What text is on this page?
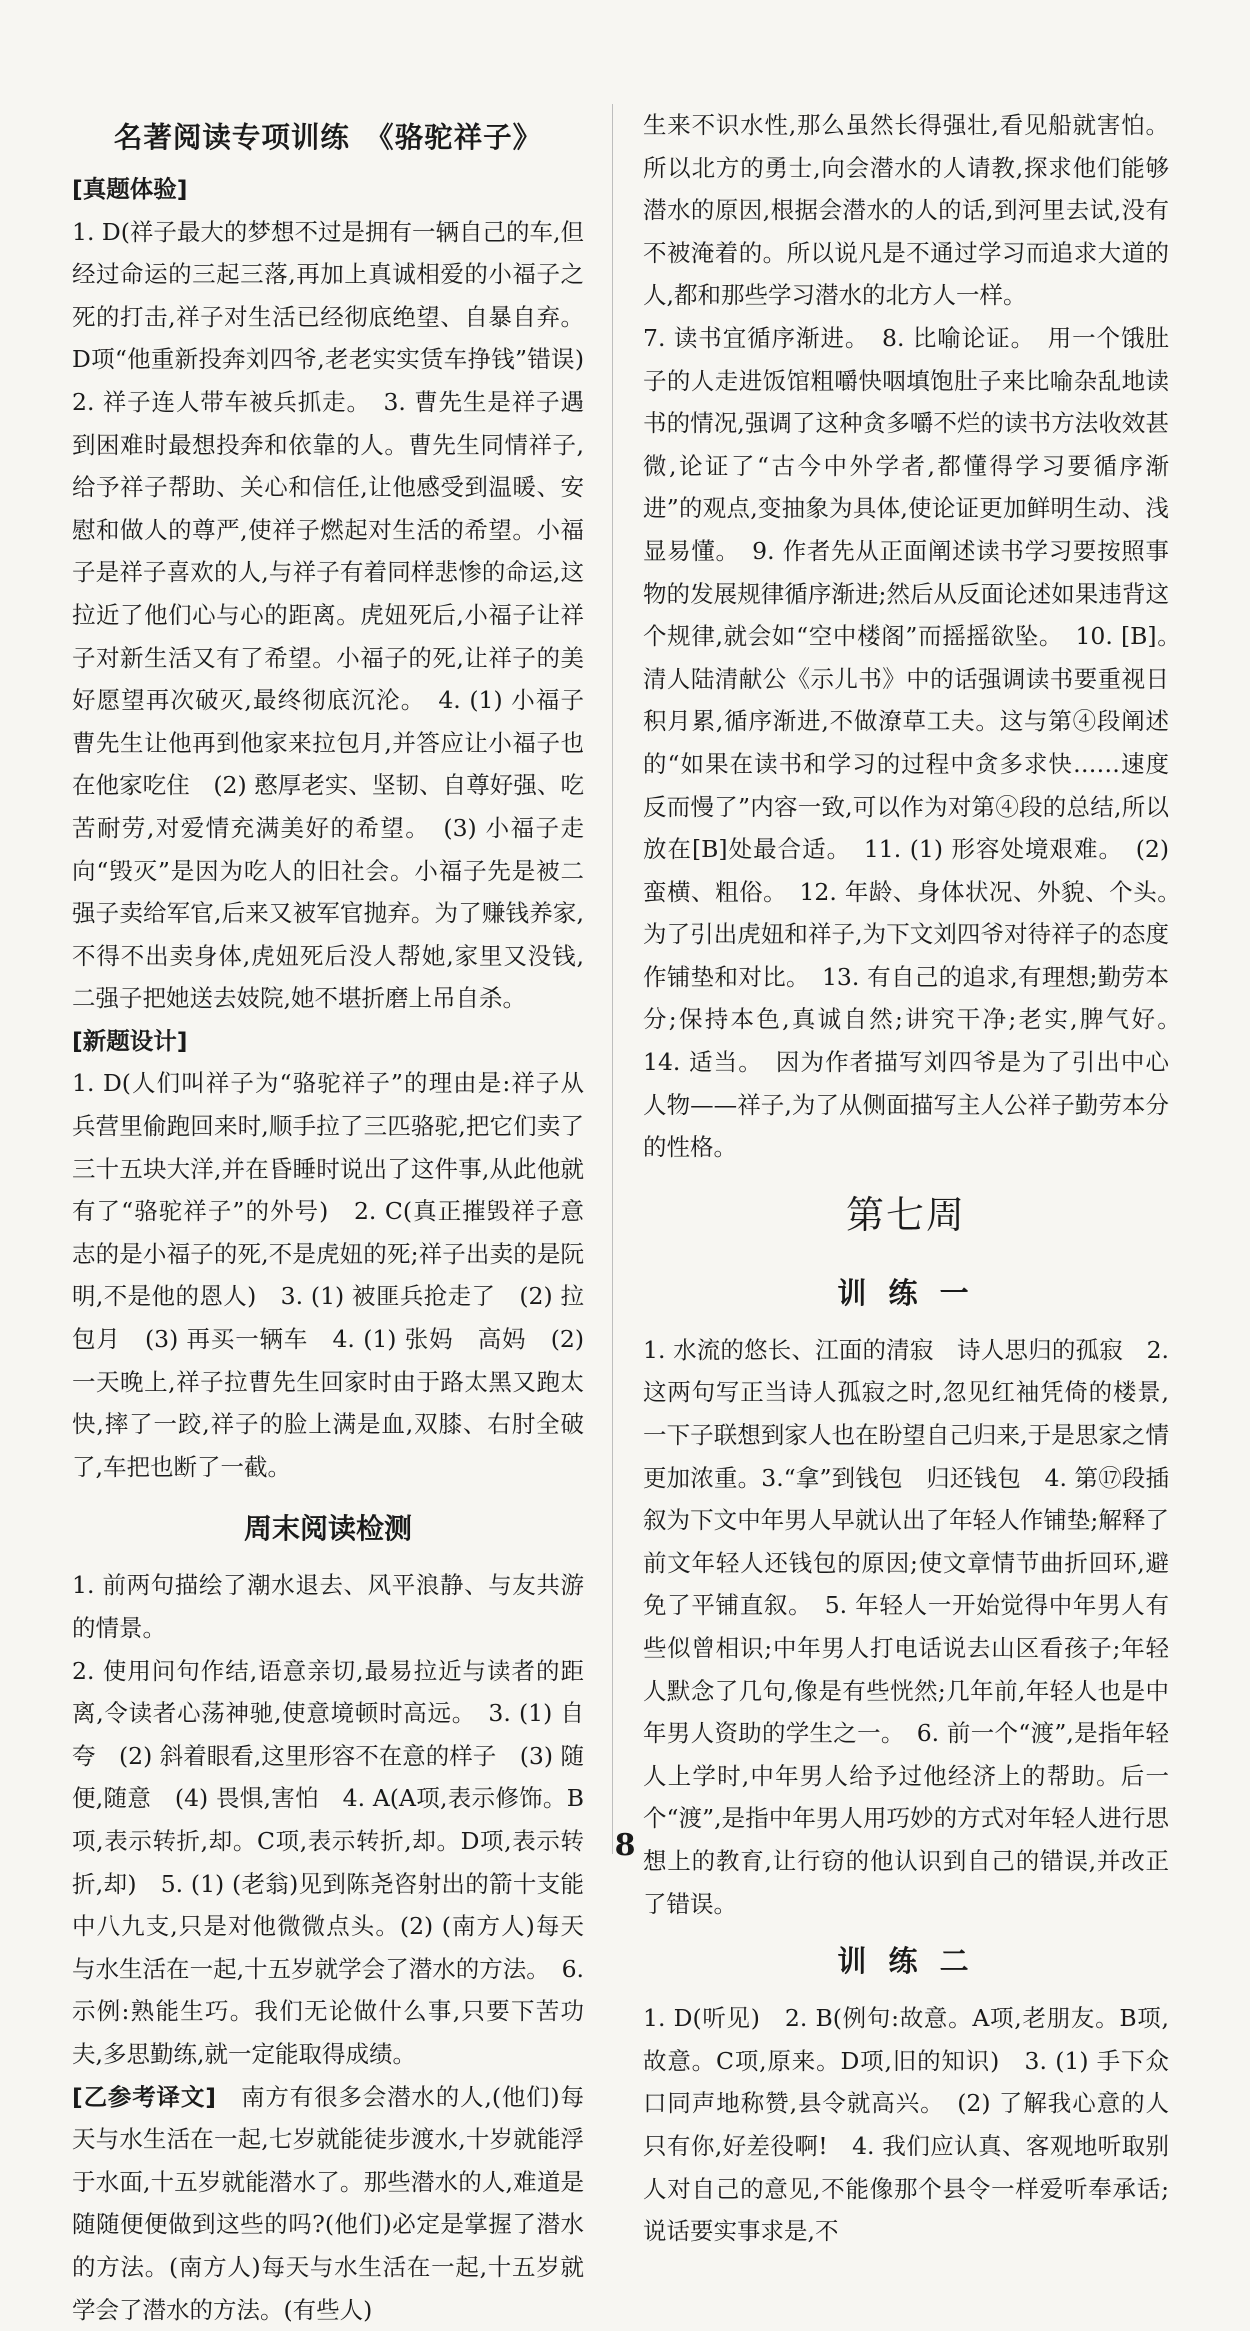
名著阅读专项训练　《骆驼祥子》

[真题体验]

1. D(祥子最大的梦想不过是拥有一辆自己的车,但经过命运的三起三落,再加上真诚相爱的小福子之死的打击,祥子对生活已经彻底绝望、自暴自弃。D项“他重新投奔刘四爷,老老实实赁车挣钱”错误)　2. 祥子连人带车被兵抓走。　3. 曹先生是祥子遇到困难时最想投奔和依靠的人。曹先生同情祥子,给予祥子帮助、关心和信任,让他感受到温暖、安慰和做人的尊严,使祥子燃起对生活的希望。小福子是祥子喜欢的人,与祥子有着同样悲惨的命运,这拉近了他们心与心的距离。虎妞死后,小福子让祥子对新生活又有了希望。小福子的死,让祥子的美好愿望再次破灭,最终彻底沉沦。　4. (1) 小福子　曹先生让他再到他家来拉包月,并答应让小福子也在他家吃住　(2) 憨厚老实、坚韧、自尊好强、吃苦耐劳,对爱情充满美好的希望。　(3) 小福子走向“毁灭”是因为吃人的旧社会。小福子先是被二强子卖给军官,后来又被军官抛弃。为了赚钱养家,不得不出卖身体,虎妞死后没人帮她,家里又没钱,二强子把她送去妓院,她不堪折磨上吊自杀。

[新题设计]

1. D(人们叫祥子为“骆驼祥子”的理由是:祥子从兵营里偷跑回来时,顺手拉了三匹骆驼,把它们卖了三十五块大洋,并在昏睡时说出了这件事,从此他就有了“骆驼祥子”的外号)　2. C(真正摧毁祥子意志的是小福子的死,不是虎妞的死;祥子出卖的是阮明,不是他的恩人)　3. (1) 被匪兵抢走了　(2) 拉包月　(3) 再买一辆车　4. (1) 张妈　高妈　(2) 一天晚上,祥子拉曹先生回家时由于路太黑又跑太快,摔了一跤,祥子的脸上满是血,双膝、右肘全破了,车把也断了一截。

周末阅读检测

1. 前两句描绘了潮水退去、风平浪静、与友共游的情景。

2. 使用问句作结,语意亲切,最易拉近与读者的距离,令读者心荡神驰,使意境顿时高远。　3. (1) 自夸　(2) 斜着眼看,这里形容不在意的样子　(3) 随便,随意　(4) 畏惧,害怕　4. A(A项,表示修饰。B项,表示转折,却。C项,表示转折,却。D项,表示转折,却)　5. (1) (老翁)见到陈尧咨射出的箭十支能中八九支,只是对他微微点头。(2) (南方人)每天与水生活在一起,十五岁就学会了潜水的方法。　6. 示例:熟能生巧。我们无论做什么事,只要下苦功夫,多思勤练,就一定能取得成绩。

[乙参考译文]　南方有很多会潜水的人,(他们)每天与水生活在一起,七岁就能徒步渡水,十岁就能浮于水面,十五岁就能潜水了。那些潜水的人,难道是随随便便做到这些的吗?(他们)必定是掌握了潜水的方法。(南方人)每天与水生活在一起,十五岁就学会了潜水的方法。(有些人)

生来不识水性,那么虽然长得强壮,看见船就害怕。所以北方的勇士,向会潜水的人请教,探求他们能够潜水的原因,根据会潜水的人的话,到河里去试,没有不被淹着的。所以说凡是不通过学习而追求大道的人,都和那些学习潜水的北方人一样。

7. 读书宜循序渐进。　8. 比喻论证。　用一个饿肚子的人走进饭馆粗嚼快咽填饱肚子来比喻杂乱地读书的情况,强调了这种贪多嚼不烂的读书方法收效甚微,论证了“古今中外学者,都懂得学习要循序渐进”的观点,变抽象为具体,使论证更加鲜明生动、浅显易懂。　9. 作者先从正面阐述读书学习要按照事物的发展规律循序渐进;然后从反面论述如果违背这个规律,就会如“空中楼阁”而摇摇欲坠。　10. [B]。　清人陆清献公《示儿书》中的话强调读书要重视日积月累,循序渐进,不做潦草工夫。这与第④段阐述的“如果在读书和学习的过程中贪多求快……速度反而慢了”内容一致,可以作为对第④段的总结,所以放在[B]处最合适。　11. (1) 形容处境艰难。　(2) 蛮横、粗俗。　12. 年龄、身体状况、外貌、个头。　为了引出虎妞和祥子,为下文刘四爷对待祥子的态度作铺垫和对比。　13. 有自己的追求,有理想;勤劳本分;保持本色,真诚自然;讲究干净;老实,脾气好。　14. 适当。　因为作者描写刘四爷是为了引出中心人物——祥子,为了从侧面描写主人公祥子勤劳本分的性格。

第七周
训 练 一

1. 水流的悠长、江面的清寂　诗人思归的孤寂　2. 这两句写正当诗人孤寂之时,忽见红袖凭倚的楼景,一下子联想到家人也在盼望自己归来,于是思家之情更加浓重。3.“拿”到钱包　归还钱包　4. 第⑰段插叙为下文中年男人早就认出了年轻人作铺垫;解释了前文年轻人还钱包的原因;使文章情节曲折回环,避免了平铺直叙。　5. 年轻人一开始觉得中年男人有些似曾相识;中年男人打电话说去山区看孩子;年轻人默念了几句,像是有些恍然;几年前,年轻人也是中年男人资助的学生之一。　6. 前一个“渡”,是指年轻人上学时,中年男人给予过他经济上的帮助。后一个“渡”,是指中年男人用巧妙的方式对年轻人进行思想上的教育,让行窃的他认识到自己的错误,并改正了错误。

训 练 二

1. D(听见)　2. B(例句:故意。A项,老朋友。B项,故意。C项,原来。D项,旧的知识)　3. (1) 手下众口同声地称赞,县令就高兴。　(2) 了解我心意的人只有你,好差役啊!　4. 我们应认真、客观地听取别人对自己的意见,不能像那个县令一样爱听奉承话;说话要实事求是,不

8
